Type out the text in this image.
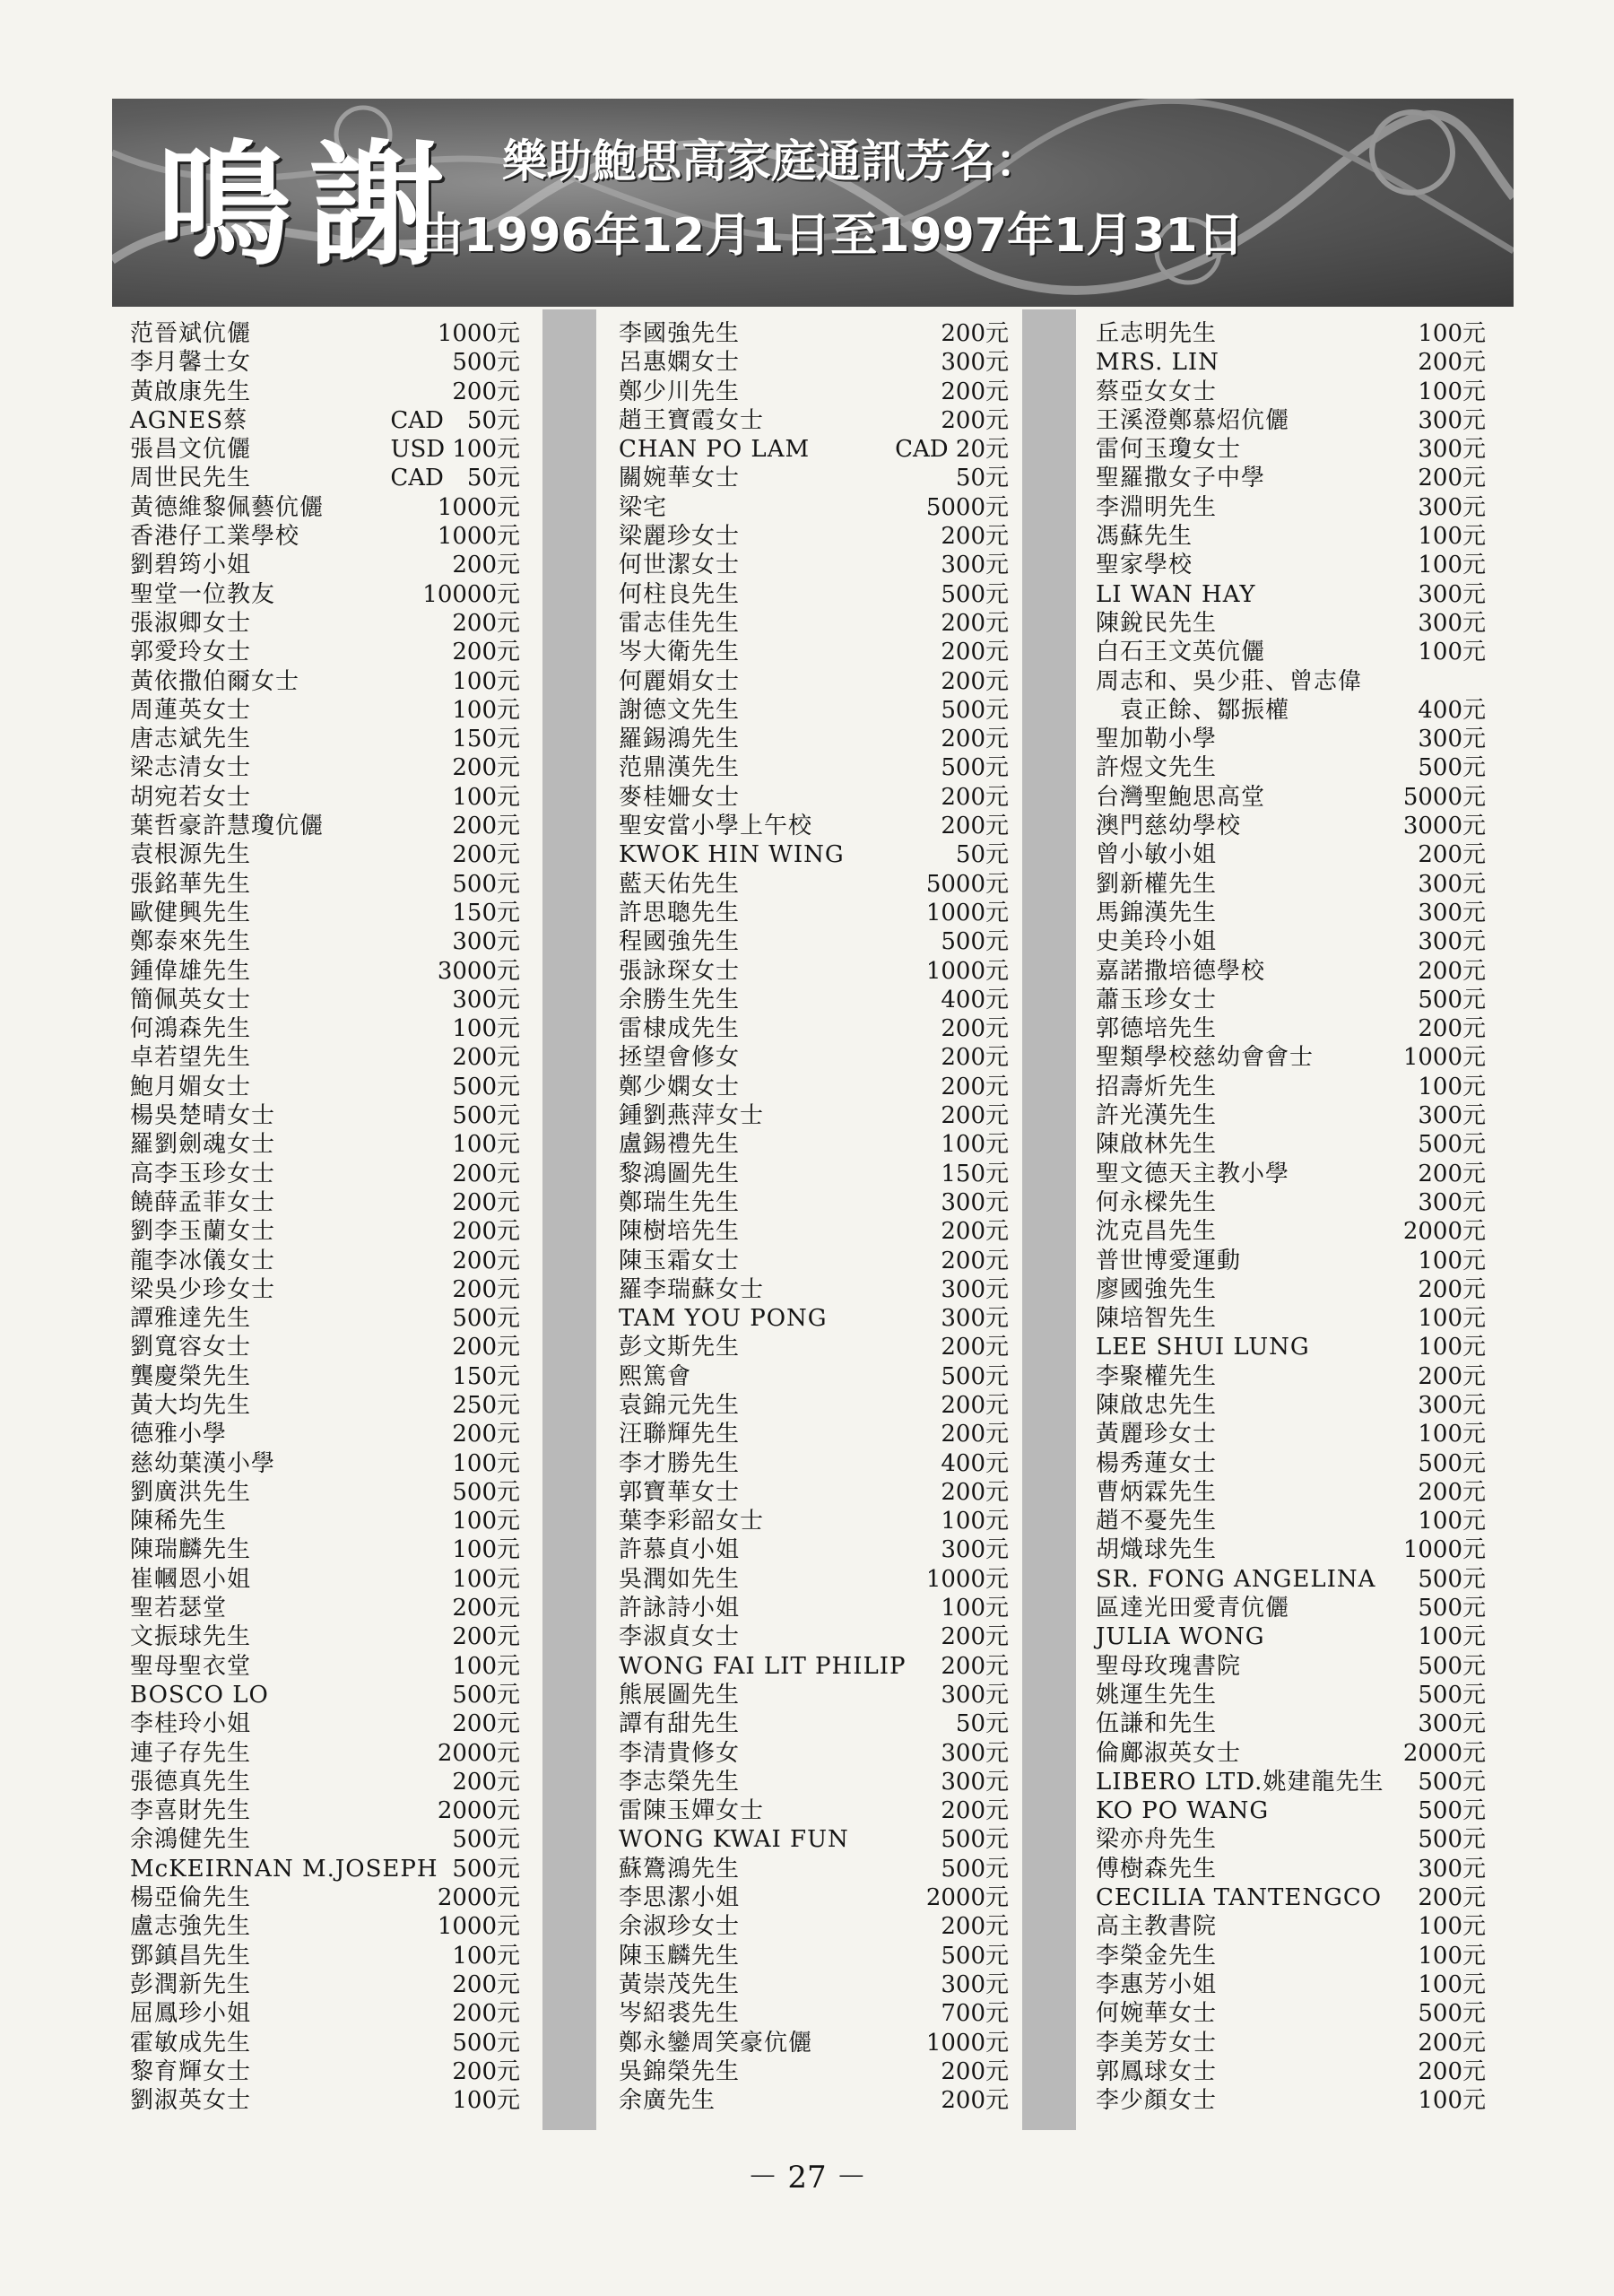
鳴謝 樂助鮑思高家庭通訊芳名：
由1996年12月1日至1997年1月31日
范晉斌伉儷	1000元
李月馨士女	500元
黃啟康先生	200元
AGNES蔡	CAD　50元
張昌文伉儷	USD 100元
周世民先生	CAD　50元
黃德維黎佩藝伉儷	1000元
香港仔工業學校	1000元
劉碧筠小姐	200元
聖堂一位教友	10000元
張淑卿女士	200元
郭愛玲女士	200元
黃依撒伯爾女士	100元
周蓮英女士	100元
唐志斌先生	150元
梁志清女士	200元
胡宛若女士	100元
葉哲豪許慧瓊伉儷	200元
袁根源先生	200元
張銘華先生	500元
歐健興先生	150元
鄭泰來先生	300元
鍾偉雄先生	3000元
簡佩英女士	300元
何鴻森先生	100元
卓若望先生	200元
鮑月媚女士	500元
楊吳楚晴女士	500元
羅劉劍魂女士	100元
高李玉珍女士	200元
饒薛孟菲女士	200元
劉李玉蘭女士	200元
龍李冰儀女士	200元
梁吳少珍女士	200元
譚雅達先生	500元
劉寬容女士	200元
龔慶榮先生	150元
黃大均先生	250元
德雅小學	200元
慈幼葉漢小學	100元
劉廣洪先生	500元
陳稀先生	100元
陳瑞麟先生	100元
崔幗恩小姐	100元
聖若瑟堂	200元
文振球先生	200元
聖母聖衣堂	100元
BOSCO LO	500元
李桂玲小姐	200元
連子存先生	2000元
張德真先生	200元
李喜財先生	2000元
余鴻健先生	500元
McKEIRNAN M.JOSEPH 500元
楊亞倫先生	2000元
盧志強先生	1000元
鄧鎮昌先生	100元
彭潤新先生	200元
屈鳳珍小姐	200元
霍敏成先生	500元
黎育輝女士	200元
劉淑英女士	100元
李國強先生	200元
呂惠嫻女士	300元
鄭少川先生	200元
趙王寶霞女士	200元
CHAN PO LAM	CAD 20元
關婉華女士	50元
梁宅	5000元
梁麗珍女士	200元
何世潔女士	300元
何柱良先生	500元
雷志佳先生	200元
岑大衛先生	200元
何麗娟女士	200元
謝德文先生	500元
羅錫鴻先生	200元
范鼎漢先生	500元
麥桂姍女士	200元
聖安當小學上午校	200元
KWOK HIN WING	50元
藍天佑先生	5000元
許思聰先生	1000元
程國強先生	500元
張詠琛女士	1000元
余勝生先生	400元
雷棣成先生	200元
拯望會修女	200元
鄭少嫻女士	200元
鍾劉燕萍女士	200元
盧錫禮先生	100元
黎鴻圖先生	150元
鄭瑞生先生	300元
陳樹培先生	200元
陳玉霜女士	200元
羅李瑞蘇女士	300元
TAM YOU PONG	300元
彭文斯先生	200元
熙篤會	500元
袁錦元先生	200元
汪聯輝先生	200元
李才勝先生	400元
郭寶華女士	200元
葉李彩韶女士	100元
許慕貞小姐	300元
吳潤如先生	1000元
許詠詩小姐	100元
李淑貞女士	200元
WONG FAI LIT PHILIP 200元
熊展圖先生	300元
譚有甜先生	50元
李清貴修女	300元
李志榮先生	300元
雷陳玉嬋女士	200元
WONG KWAI FUN	500元
蘇鷟鴻先生	500元
李思潔小姐	2000元
余淑珍女士	200元
陳玉麟先生	500元
黃崇茂先生	300元
岑紹裘先生	700元
鄭永鑾周笑豪伉儷	1000元
吳錦榮先生	200元
余廣先生	200元
丘志明先生	100元
MRS. LIN	200元
蔡亞女女士	100元
王溪澄鄭慕炤伉儷	300元
雷何玉瓊女士	300元
聖羅撒女子中學	200元
李淵明先生	300元
馮蘇先生	100元
聖家學校	100元
LI WAN HAY	300元
陳銳民先生	300元
白石王文英伉儷	100元
周志和、吳少莊、曾志偉
　袁正餘、鄒振權	400元
聖加勒小學	300元
許煜文先生	500元
台灣聖鮑思高堂	5000元
澳門慈幼學校	3000元
曾小敏小姐	200元
劉新權先生	300元
馬錦漢先生	300元
史美玲小姐	300元
嘉諾撒培德學校	200元
蕭玉珍女士	500元
郭德培先生	200元
聖類學校慈幼會會士	1000元
招壽炘先生	100元
許光漢先生	300元
陳啟林先生	500元
聖文德天主教小學	200元
何永樑先生	300元
沈克昌先生	2000元
普世博愛運動	100元
廖國強先生	200元
陳培智先生	100元
LEE SHUI LUNG	100元
李聚權先生	200元
陳啟忠先生	300元
黃麗珍女士	100元
楊秀蓮女士	500元
曹炳霖先生	200元
趙不憂先生	100元
胡熾球先生	1000元
SR. FONG ANGELINA 500元
區達光田愛青伉儷	500元
JULIA WONG	100元
聖母玫瑰書院	500元
姚運生先生	500元
伍謙和先生	300元
倫鄺淑英女士	2000元
LIBERO LTD.姚建龍先生 500元
KO PO WANG	500元
梁亦舟先生	500元
傅樹森先生	300元
CECILIA TANTENGCO 200元
高主教書院	100元
李榮金先生	100元
李惠芳小姐	100元
何婉華女士	500元
李美芳女士	200元
郭鳳球女士	200元
李少顏女士	100元
－ 27 －
